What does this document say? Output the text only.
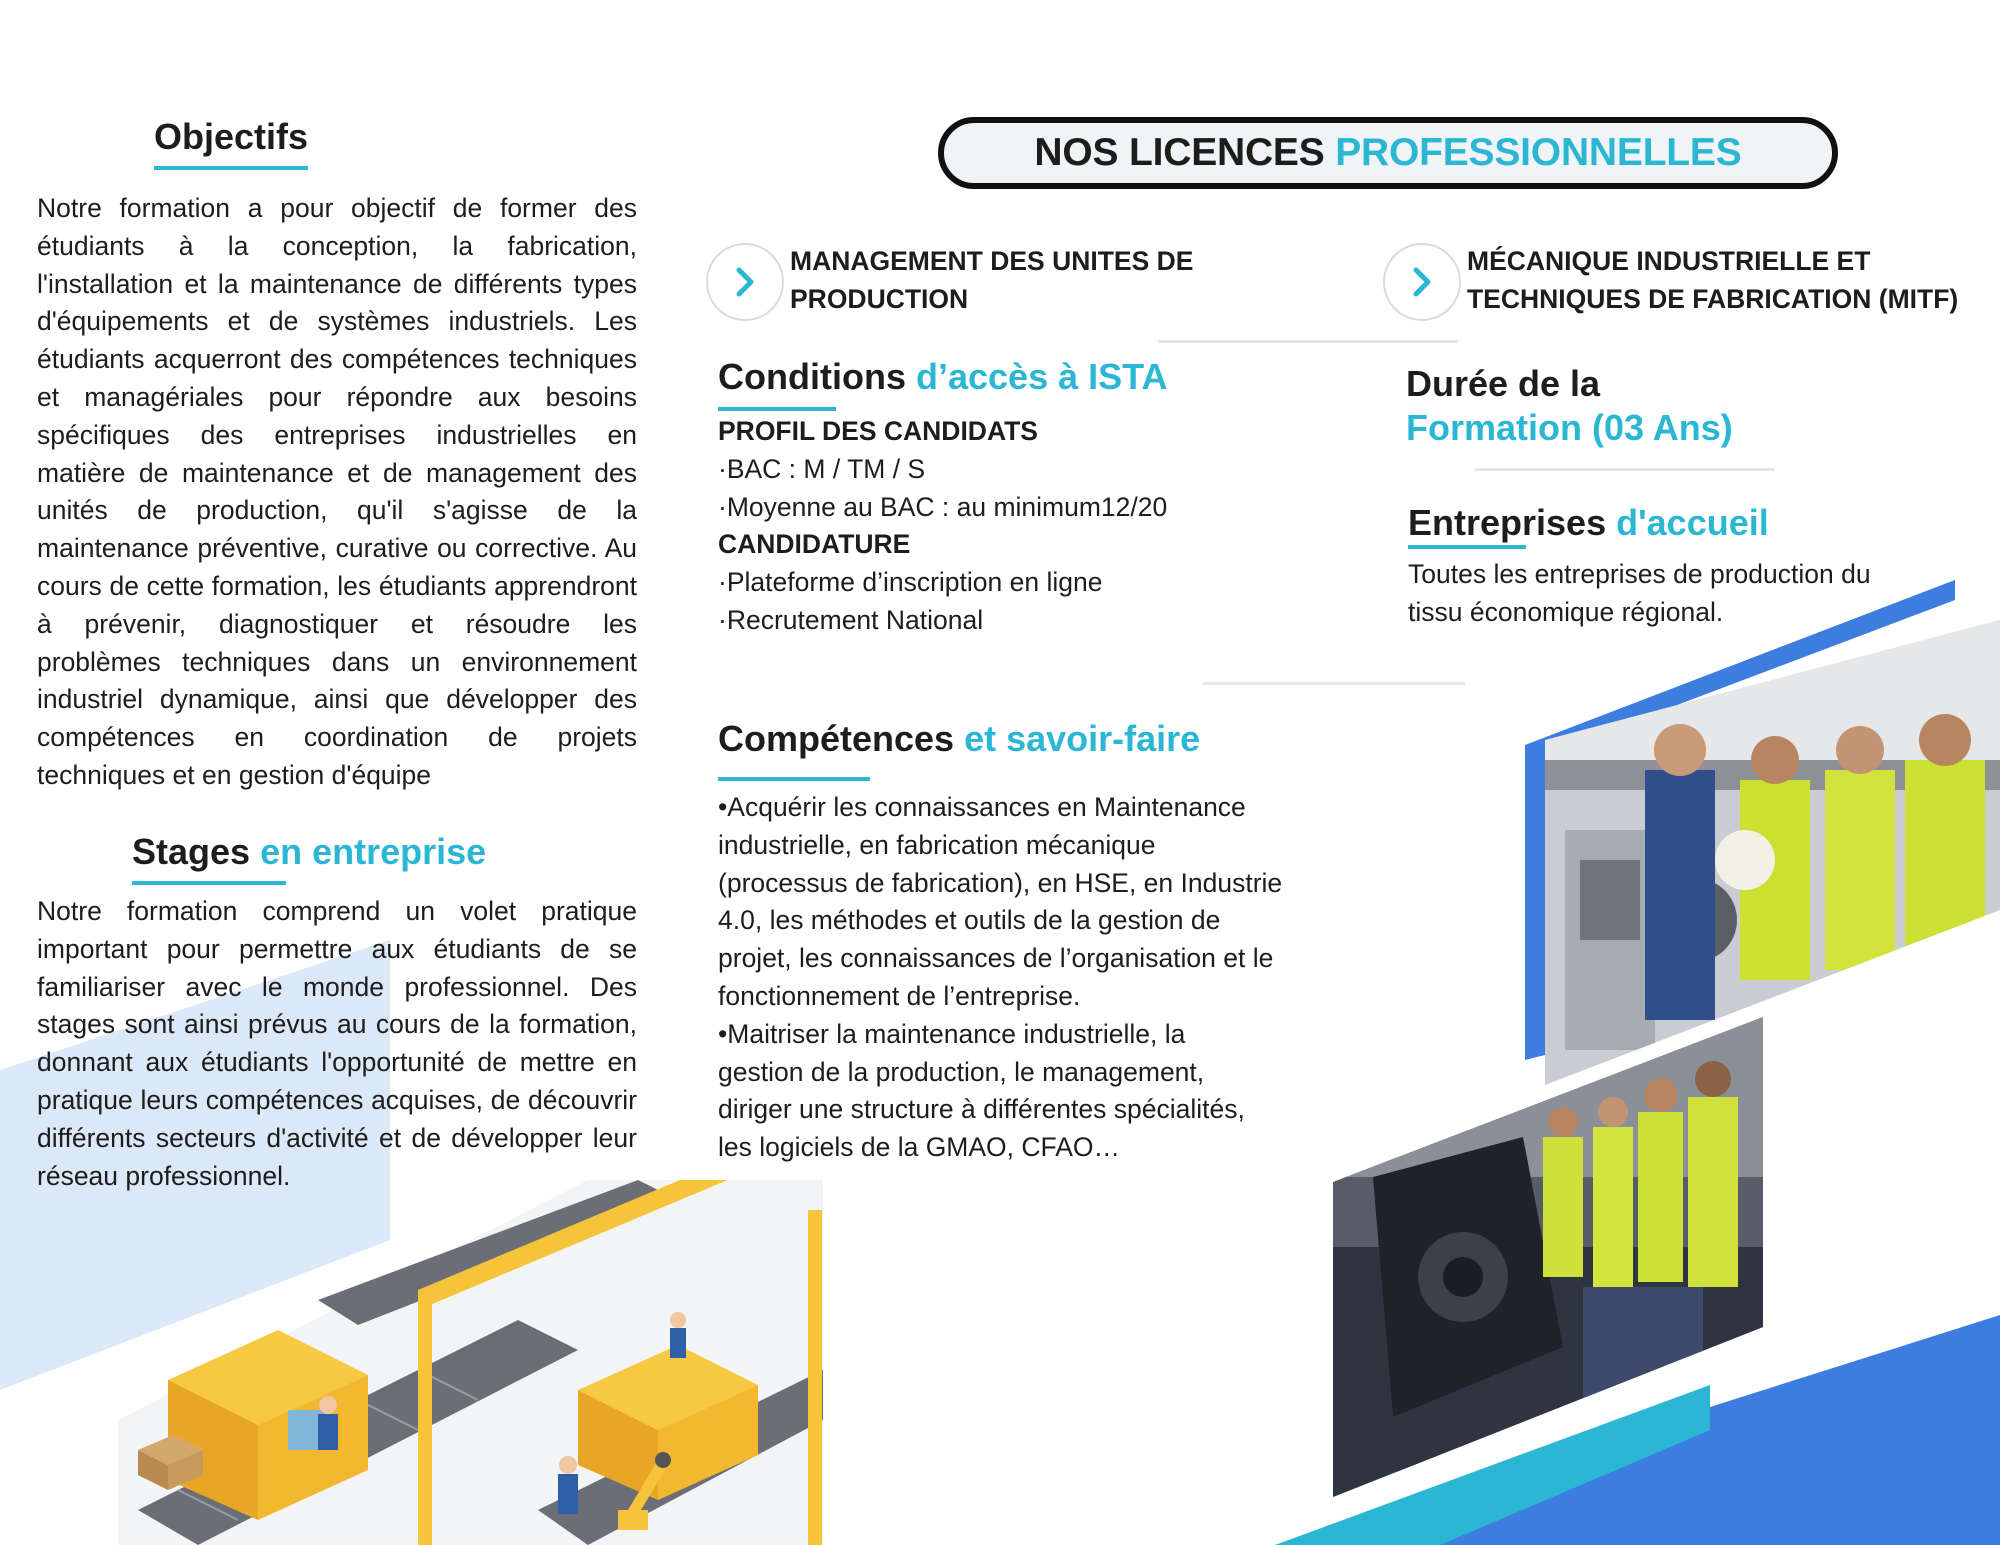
Objectifs

Notre formation a pour objectif de former des étudiants à la conception, la fabrication, l'installation et la maintenance de différents types d'équipements et de systèmes industriels. Les étudiants acquerront des compétences techniques et managériales pour répondre aux besoins spécifiques des entreprises industrielles en matière de maintenance et de management des unités de production, qu'il s'agisse de la maintenance préventive, curative ou corrective. Au cours de cette formation, les étudiants apprendront à prévenir, diagnostiquer et résoudre les problèmes techniques dans un environnement industriel dynamique, ainsi que développer des compétences en coordination de projets techniques et en gestion d'équipe

Stages en entreprise

Notre formation comprend un volet pratique important pour permettre aux étudiants de se familiariser avec le monde professionnel. Des stages sont ainsi prévus au cours de la formation, donnant aux étudiants l'opportunité de mettre en pratique leurs compétences acquises, de découvrir différents secteurs d'activité et de développer leur réseau professionnel.

NOS LICENCES
PROFESSIONNELLES
MANAGEMENT DES UNITES DE
PRODUCTION
MÉCANIQUE INDUSTRIELLE ET
TECHNIQUES DE FABRICATION (MITF)
Conditions d’accès à ISTA
PROFIL DES CANDIDATS
·BAC : M / TM / S
·Moyenne au BAC : au minimum12/20
CANDIDATURE
·Plateforme d’inscription en ligne
·Recrutement National
Compétences et savoir-faire
•Acquérir les connaissances en Maintenance
industrielle, en fabrication mécanique
(processus de fabrication), en HSE, en Industrie
4.0, les méthodes et outils de la gestion de
projet, les connaissances de l’organisation et le
fonctionnement de l’entreprise.
•Maitriser la maintenance industrielle, la
gestion de la production, le management,
diriger une structure à différentes spécialités,
les logiciels de la GMAO, CFAO…
Durée de la
Formation (03 Ans)
Entreprises d'accueil
Toutes les entreprises de production du
tissu économique régional.
